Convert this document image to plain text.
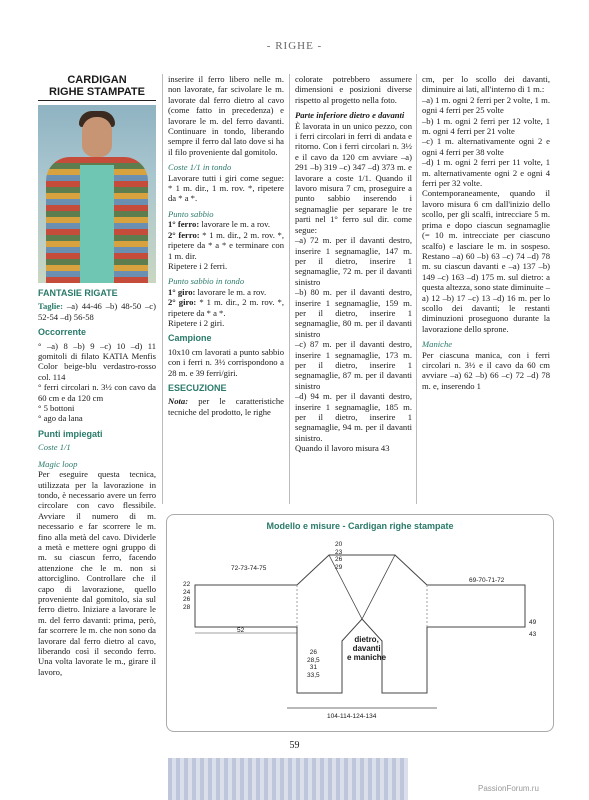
- RIGHE -
CARDIGAN
RIGHE STAMPATE
FANTASIE RIGATE

Taglie: –a) 44-46 –b) 48-50 –c) 52-54 –d) 56-58

Occorrente

° –a) 8 –b) 9 –c) 10 –d) 11 gomitoli di filato KATIA Menfis Color beige-blu verdastro-rosso col. 114

° ferri circolari n. 3½ con cavo da 60 cm e da 120 cm

° 5 bottoni

° ago da lana

Punti impiegati
Coste 1/1
Magic loop

Per eseguire questa tecnica, utilizzata per la lavorazione in tondo, è necessario avere un ferro circolare con cavo flessibile. Avviare il numero di m. necessario e far scorrere le m. fino alla metà del cavo. Dividerle a metà e mettere ogni gruppo di m. su ciascun ferro, facendo attenzione che le m. non si attorciglino. Controllare che il capo di lavorazione, quello proveniente dal gomitolo, sia sul ferro dietro. Iniziare a lavorare le m. del ferro davanti: prima, però, far scorrere le m. che non sono da lavorare dal ferro dietro al cavo, liberando così il secondo ferro. Una volta lavorate le m., girare il lavoro,

inserire il ferro libero nelle m. non lavorate, far scivolare le m. lavorate dal ferro dietro al cavo (come fatto in precedenza) e lavorare le m. del ferro davanti. Continuare in tondo, liberando sempre il ferro dal lato dove si ha il filo proveniente dal gomitolo.

Coste 1/1 in tondo

Lavorare tutti i giri come segue: * 1 m. dir., 1 m. rov. *, ripetere da * a *.

Punto sabbio

1° ferro: lavorare le m. a rov.

2° ferro: * 1 m. dir., 2 m. rov. *, ripetere da * a * e terminare con 1 m. dir.

Ripetere i 2 ferri.

Punto sabbio in tondo

1° giro: lavorare le m. a rov.

2° giro: * 1 m. dir., 2 m. rov. *, ripetere da * a *.

Ripetere i 2 giri.

Campione

10x10 cm lavorati a punto sabbio con i ferri n. 3½ corrispondono a 28 m. e 39 ferri/giri.

ESECUZIONE

Nota: per le caratteristiche tecniche del prodotto, le righe

colorate potrebbero assumere dimensioni e posizioni diverse rispetto al progetto nella foto.

Parte inferiore dietro e davanti

È lavorata in un unico pezzo, con i ferri circolari in ferri di andata e ritorno. Con i ferri circolari n. 3½ e il cavo da 120 cm avviare –a) 291 –b) 319 –c) 347 –d) 373 m. e lavorare a coste 1/1. Quando il lavoro misura 7 cm, proseguire a punto sabbio inserendo i segnamaglie per separare le tre parti nel 1° ferro sul dir. come segue:

–a) 72 m. per il davanti destro, inserire 1 segnamaglie, 147 m. per il dietro, inserire 1 segnamaglie, 72 m. per il davanti sinistro

–b) 80 m. per il davanti destro, inserire 1 segnamaglie, 159 m. per il dietro, inserire 1 segnamaglie, 80 m. per il davanti sinistro

–c) 87 m. per il davanti destro, inserire 1 segnamaglie, 173 m. per il dietro, inserire 1 segnamaglie, 87 m. per il davanti sinistro

–d) 94 m. per il davanti destro, inserire 1 segnamaglie, 185 m. per il dietro, inserire 1 segnamaglie, 94 m. per il davanti sinistro.

Quando il lavoro misura 43

cm, per lo scollo dei davanti, diminuire ai lati, all'interno di 1 m.:

–a) 1 m. ogni 2 ferri per 2 volte, 1 m. ogni 4 ferri per 25 volte

–b) 1 m. ogni 2 ferri per 12 volte, 1 m. ogni 4 ferri per 21 volte

–c) 1 m. alternativamente ogni 2 e ogni 4 ferri per 38 volte

–d) 1 m. ogni 2 ferri per 11 volte, 1 m. alternativamente ogni 2 e ogni 4 ferri per 32 volte.

Contemporaneamente, quando il lavoro misura 6 cm dall'inizio dello scollo, per gli scalfi, intrecciare 5 m. prima e dopo ciascun segnamaglie (= 10 m. intrecciate per ciascuno scalfo) e lasciare le m. in sospeso. Restano –a) 60 –b) 63 –c) 74 –d) 78 m. su ciascun davanti e –a) 137 –b) 149 –c) 163 –d) 175 m. sul dietro: a questa altezza, sono state diminuite –a) 12 –b) 17 –c) 13 –d) 16 m. per lo scollo dei davanti; le restanti diminuzioni proseguono durante la lavorazione dello sprone.

Maniche

Per ciascuna manica, con i ferri circolari n. 3½ e il cavo da 60 cm avviare –a) 62 –b) 66 –c) 72 –d) 78 m. e, inserendo 1

Modello e misure - Cardigan righe stampate
20
23
26
29
72-73-74-75
22
24
26
28
69-70-71-72
52
49
43
26
28,5
31
33,5
dietro,
davanti
e maniche
104-114-124-134
59
PassionForum.ru
